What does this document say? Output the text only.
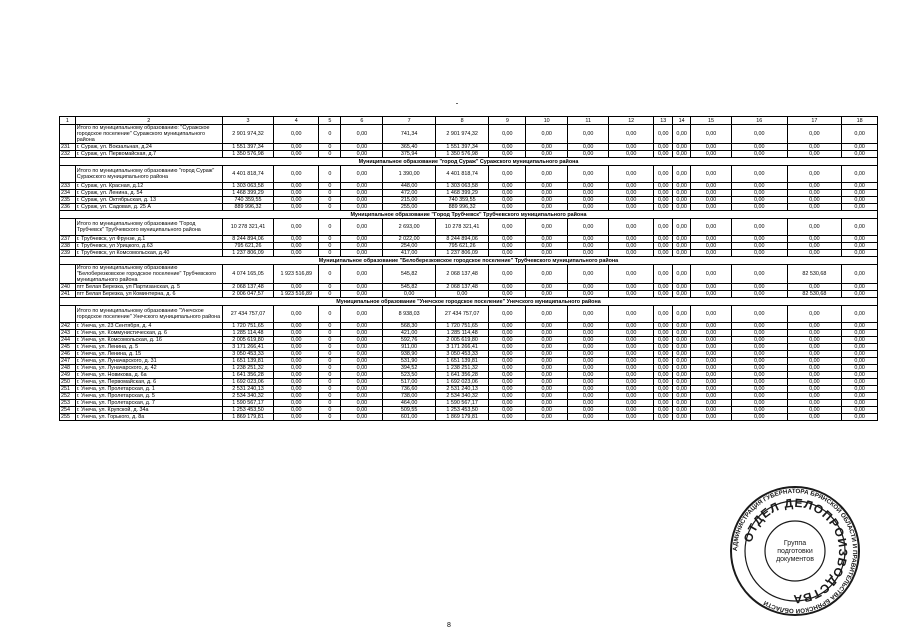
1	2	3	4	5	6	7	8	9	10	11	12	13	14	15	16	17	18
	Итого по муниципальному образованию: "Суражское городское поселение" Суражского муниципального района	2 901 974,32	0,00	0	0,00	741,34	2 901 974,32	0,00	0,00	0,00	0,00	0,00	0,00	0,00	0,00	0,00	0,00
231	г. Сураж, ул. Вокзальная, д.24	1 551 397,34	0,00	0	0,00	365,40	1 551 397,34	0,00	0,00	0,00	0,00	0,00	0,00	0,00	0,00	0,00	0,00
232	г. Сураж, ул. Первомайская, д.7	1 350 576,98	0,00	0	0,00	375,94	1 350 576,98	0,00	0,00	0,00	0,00	0,00	0,00	0,00	0,00	0,00	0,00
Муниципальное образование "город Сураж" Суражского муниципального района																	
	Итого по муниципальному образованию "город Сураж" Суражского муниципального района	4 401 818,74	0,00	0	0,00	1 390,00	4 401 818,74	0,00	0,00	0,00	0,00	0,00	0,00	0,00	0,00	0,00	0,00
233	г. Сураж, ул. Красная, д.12	1 303 063,58	0,00	0	0,00	448,00	1 303 063,58	0,00	0,00	0,00	0,00	0,00	0,00	0,00	0,00	0,00	0,00
234	г. Сураж, ул. Ленина, д. 54	1 468 399,29	0,00	0	0,00	472,00	1 468 399,29	0,00	0,00	0,00	0,00	0,00	0,00	0,00	0,00	0,00	0,00
235	г. Сураж, ул. Октябрьская, д. 13	740 359,55	0,00	0	0,00	215,00	740 359,55	0,00	0,00	0,00	0,00	0,00	0,00	0,00	0,00	0,00	0,00
236	г. Сураж, ул. Садовая, д. 25 А	889 996,32	0,00	0	0,00	255,00	889 996,32	0,00	0,00	0,00	0,00	0,00	0,00	0,00	0,00	0,00	0,00
Муниципальное образование "Город Трубчевск" Трубчевского муниципального района																	
	Итого по муниципальному образованию "Город Трубчевск" Трубчевского муниципального района	10 278 321,41	0,00	0	0,00	2 693,00	10 278 321,41	0,00	0,00	0,00	0,00	0,00	0,00	0,00	0,00	0,00	0,00
237	г. Трубчевск, ул Фрунзе, д.1	8 244 894,06	0,00	0	0,00	2 022,00	8 244 894,06	0,00	0,00	0,00	0,00	0,00	0,00	0,00	0,00	0,00	0,00
238	г. Трубчевск, ул Урицкого, д.63	795 621,26	0,00	0	0,00	254,00	795 621,26	0,00	0,00	0,00	0,00	0,00	0,00	0,00	0,00	0,00	0,00
239	г. Трубчевск, ул Комсомольская, д.40	1 237 806,09	0,00	0	0,00	417,00	1 237 806,09	0,00	0,00	0,00	0,00	0,00	0,00	0,00	0,00	0,00	0,00
Муниципальное образование "Белоберезковское городское поселение" Трубчевского муниципального района																	
	Итого по муниципальному образованию "Белоберезковское городское поселение" Трубчевского муниципального района	4 074 165,05	1 923 516,89	0	0,00	545,82	2 068 137,48	0,00	0,00	0,00	0,00	0,00	0,00	0,00	0,00	82 530,68	0,00
240	пгт Белая Березка, ул Партизанская, д. 5	2 068 137,48	0,00	0	0,00	545,82	2 068 137,48	0,00	0,00	0,00	0,00	0,00	0,00	0,00	0,00	0,00	0,00
241	пгт Белая Березка, ул Коминтерна, д. 6	2 006 047,57	1 923 516,89	0	0,00	0,00	0,00	0,00	0,00	0,00	0,00	0,00	0,00	0,00	0,00	82 530,68	0,00
Муниципальное образование "Унечское городское поселение" Унечского муниципального района																	
	Итого по муниципальному образованию "Унечское городское поселение" Унечского муниципального района	27 434 757,07	0,00	0	0,00	8 938,03	27 434 757,07	0,00	0,00	0,00	0,00	0,00	0,00	0,00	0,00	0,00	0,00
242	г. Унеча, ул. 23 Сентября, д. 4	1 720 751,65	0,00	0	0,00	568,30	1 720 751,65	0,00	0,00	0,00	0,00	0,00	0,00	0,00	0,00	0,00	0,00
243	г. Унеча, ул. Коммунистическая, д. 6	1 285 114,48	0,00	0	0,00	421,00	1 285 114,48	0,00	0,00	0,00	0,00	0,00	0,00	0,00	0,00	0,00	0,00
244	г. Унеча, ул. Комсомольская, д. 16	2 005 619,80	0,00	0	0,00	592,76	2 005 619,80	0,00	0,00	0,00	0,00	0,00	0,00	0,00	0,00	0,00	0,00
245	г. Унеча, ул. Ленина, д. 5	3 171 266,41	0,00	0	0,00	911,00	3 171 266,41	0,00	0,00	0,00	0,00	0,00	0,00	0,00	0,00	0,00	0,00
246	г. Унеча, ул. Ленина, д. 15	3 050 453,33	0,00	0	0,00	938,90	3 050 453,33	0,00	0,00	0,00	0,00	0,00	0,00	0,00	0,00	0,00	0,00
247	г. Унеча, ул. Луначарского, д. 31	1 651 139,81	0,00	0	0,00	531,90	1 651 139,81	0,00	0,00	0,00	0,00	0,00	0,00	0,00	0,00	0,00	0,00
248	г. Унеча, ул. Луначарского, д. 42	1 238 251,32	0,00	0	0,00	394,52	1 238 251,32	0,00	0,00	0,00	0,00	0,00	0,00	0,00	0,00	0,00	0,00
249	г. Унеча, ул. Новикова, д. 6а	1 641 356,28	0,00	0	0,00	523,50	1 641 356,28	0,00	0,00	0,00	0,00	0,00	0,00	0,00	0,00	0,00	0,00
250	г. Унеча, ул. Первомайская, д. 6	1 692 023,06	0,00	0	0,00	517,00	1 692 023,06	0,00	0,00	0,00	0,00	0,00	0,00	0,00	0,00	0,00	0,00
251	г. Унеча, ул. Пролетарская, д. 1	2 531 240,13	0,00	0	0,00	736,60	2 531 240,13	0,00	0,00	0,00	0,00	0,00	0,00	0,00	0,00	0,00	0,00
252	г. Унеча, ул. Пролетарская, д. 5	2 534 340,32	0,00	0	0,00	738,00	2 534 340,32	0,00	0,00	0,00	0,00	0,00	0,00	0,00	0,00	0,00	0,00
253	г. Унеча, ул. Пролетарская, д. 7	1 590 567,17	0,00	0	0,00	464,00	1 590 567,17	0,00	0,00	0,00	0,00	0,00	0,00	0,00	0,00	0,00	0,00
254	г. Унеча, ул. Крупской, д. 34а	1 253 453,50	0,00	0	0,00	509,55	1 253 453,50	0,00	0,00	0,00	0,00	0,00	0,00	0,00	0,00	0,00	0,00
255	г. Унеча, ул. Горького, д. 8а	1 869 179,81	0,00	0	0,00	601,00	1 869 179,81	0,00	0,00	0,00	0,00	0,00	0,00	0,00	0,00	0,00	0,00
8
АДМИНИСТРАЦИЯ ГУБЕРНАТОРА БРЯНСКОЙ ОБЛАСТИ И ПРАВИТЕЛЬСТВА БРЯНСКОЙ ОБЛАСТИ
ОТДЕЛ ДЕЛОПРОИЗВОДСТВА
Группа
подготовки
документов
